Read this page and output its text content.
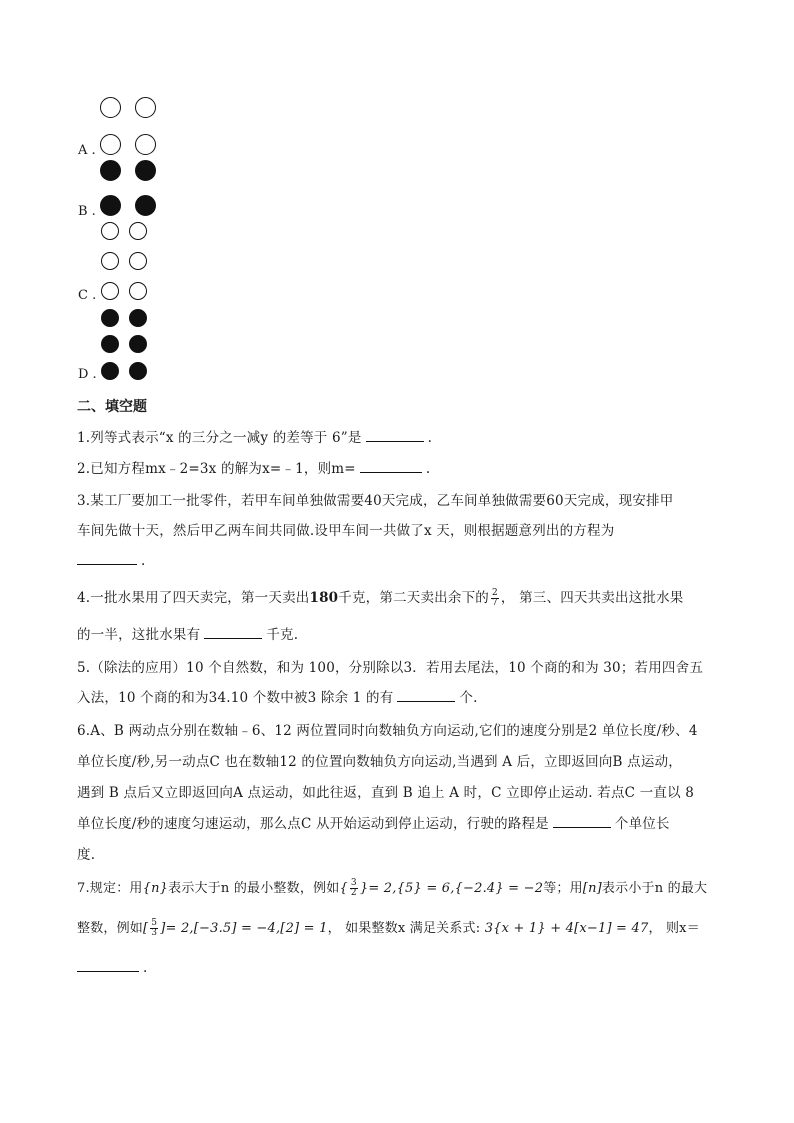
A .
B .
C .
D .
二、填空题
1.列等式表示“x 的三分之一减y 的差等于 6”是	.
2.已知方程mx﹣2=3x 的解为x=﹣1，则m=	.
3.某工厂要加工一批零件，若甲车间单独做需要40天完成，乙车间单独做需要60天完成，现安排甲
车间先做十天，然后甲乙两车间共同做.设甲车间一共做了x 天，则根据题意列出的方程为
.
4.一批水果用了四天卖完，第一天卖出180千克，第二天卖出余下的 $\frac{2}{7}$ ， 第三、四天共卖出这批水果
的一半，这批水果有	千克.
5.（除法的应用）10 个自然数，和为 100，分别除以3．若用去尾法，10 个商的和为 30；若用四舍五
入法，10 个商的和为34.10 个数中被3 除余 1 的有	个.
6.A、B 两动点分别在数轴﹣6、12 两位置同时向数轴负方向运动,它们的速度分别是2 单位长度/秒、4
单位长度/秒,另一动点C 也在数轴12 的位置向数轴负方向运动,当遇到 A 后，立即返回向B 点运动，
遇到 B 点后又立即返回向A 点运动，如此往返，直到 B 追上 A 时，C 立即停止运动. 若点C 一直以 8
单位长度/秒的速度匀速运动，那么点C 从开始运动到停止运动，行驶的路程是	个单位长
度.
7.规定：用{n}表示大于n 的最小整数，例如{ $\frac{3}{2}$ }= 2,{5} = 6,{−2.4} = −2等；用[n]表示小于n 的最大
整数，例如[ $\frac{5}{3}$ ]= 2,[−3.5] = −4,[2] = 1， 如果整数x 满足关系式: 3{x + 1} + 4[x−1] = 47， 则x＝
.
